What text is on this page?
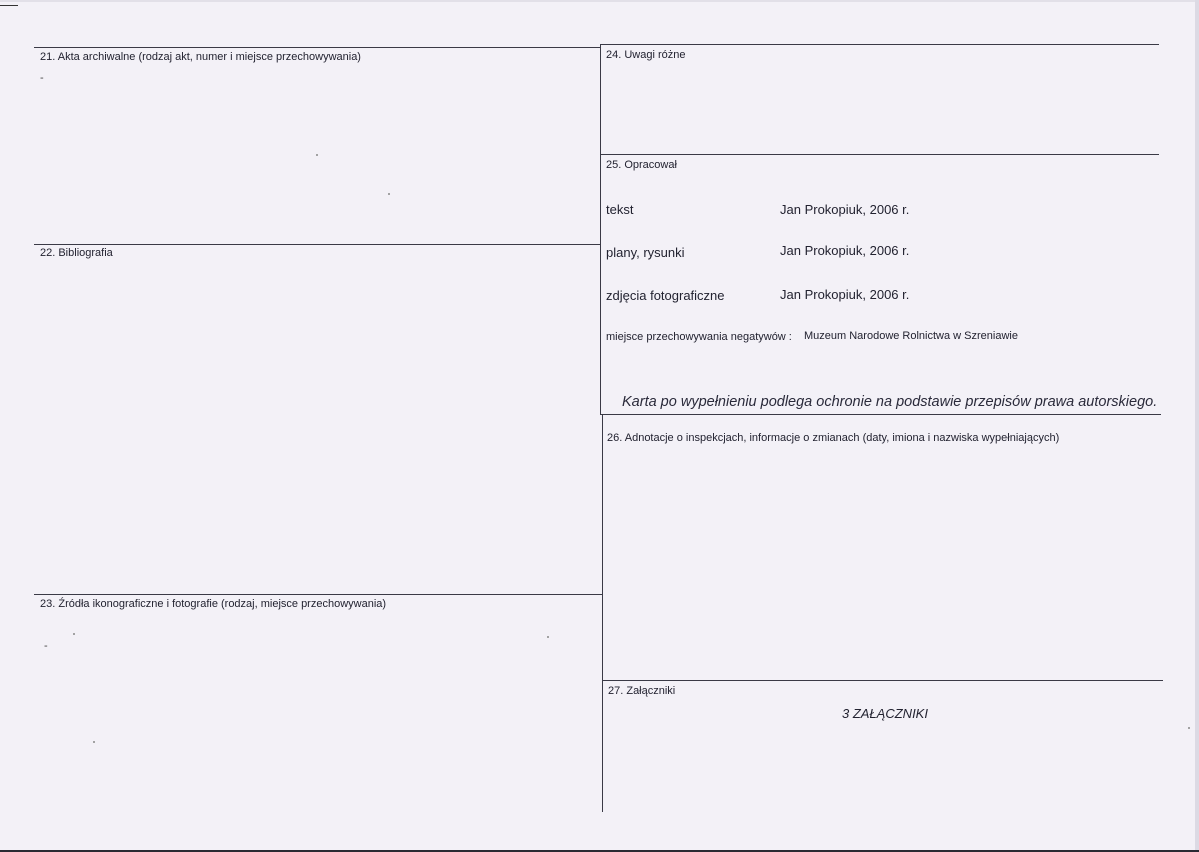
21. Akta archiwalne (rodzaj akt, numer i miejsce przechowywania)
-
22. Bibliografia
23. Źródła ikonograficzne i fotografie (rodzaj, miejsce przechowywania)
-
24. Uwagi różne
25. Opracował
tekst	Jan Prokopiuk, 2006 r.
plany, rysunki	Jan Prokopiuk, 2006 r.
zdjęcia fotograficzne	Jan Prokopiuk, 2006 r.
miejsce przechowywania negatywów : Muzeum Narodowe Rolnictwa w Szreniawie
Karta po wypełnieniu podlega ochronie na podstawie przepisów prawa autorskiego.
26. Adnotacje o inspekcjach, informacje o zmianach (daty, imiona i nazwiska wypełniających)
27. Załączniki
3 ZAŁĄCZNIKI
